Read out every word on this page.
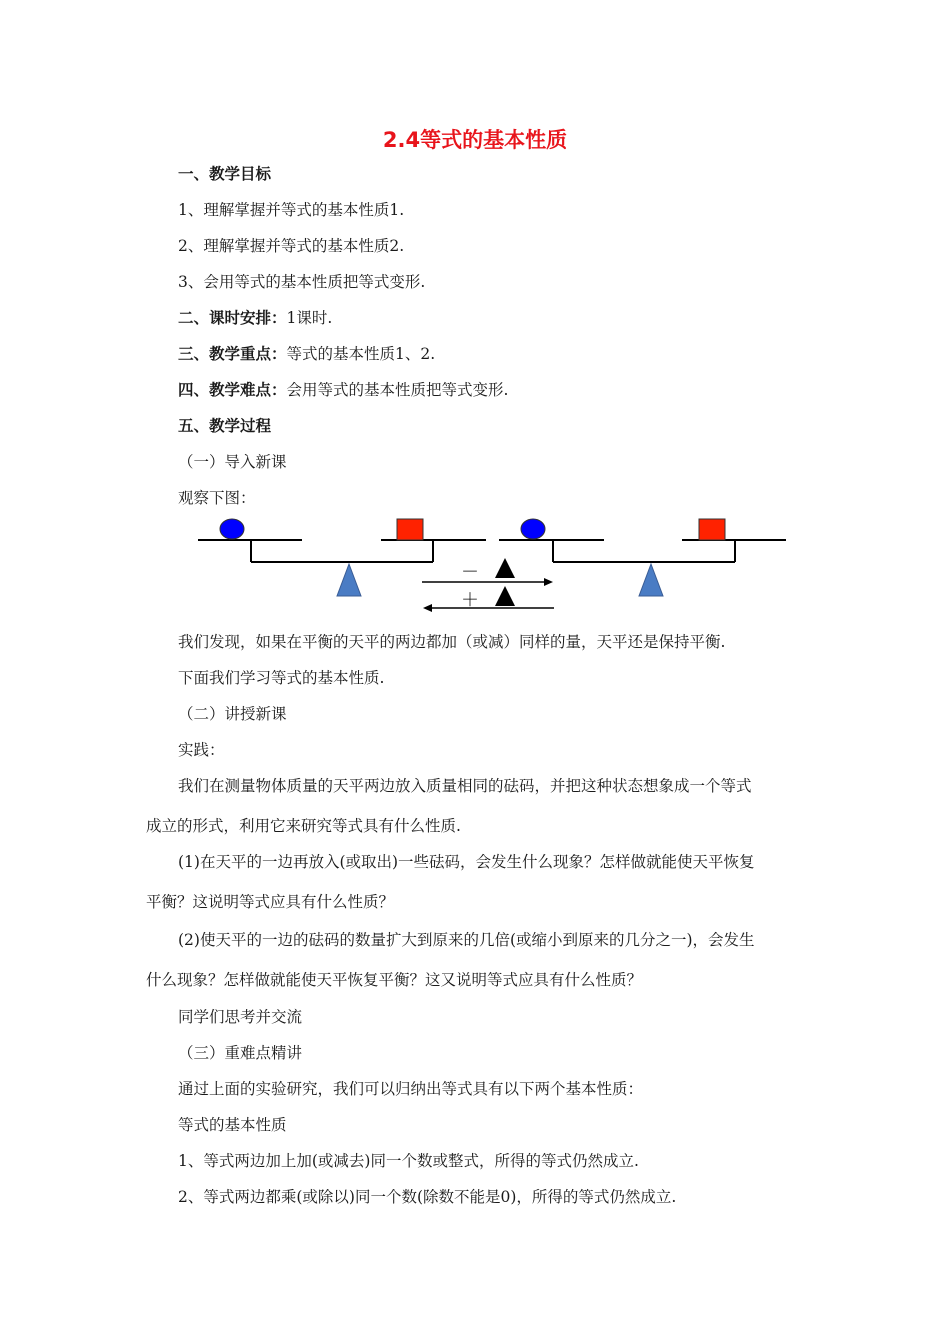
2.4等式的基本性质
一、教学目标
1、理解掌握并等式的基本性质1.
2、理解掌握并等式的基本性质2.
3、会用等式的基本性质把等式变形.
二、课时安排：1课时.
三、教学重点：等式的基本性质1、2.
四、教学难点：会用等式的基本性质把等式变形.
五、教学过程
（一）导入新课
观察下图：
－
＋
我们发现，如果在平衡的天平的两边都加（或减）同样的量，天平还是保持平衡.
下面我们学习等式的基本性质.
（二）讲授新课
实践：
我们在测量物体质量的天平两边放入质量相同的砝码，并把这种状态想象成一个等式
成立的形式，利用它来研究等式具有什么性质.
(1)在天平的一边再放入(或取出)一些砝码，会发生什么现象？怎样做就能使天平恢复
平衡？这说明等式应具有什么性质？
(2)使天平的一边的砝码的数量扩大到原来的几倍(或缩小到原来的几分之一)，会发生
什么现象？怎样做就能使天平恢复平衡？这又说明等式应具有什么性质？
同学们思考并交流
（三）重难点精讲
通过上面的实验研究，我们可以归纳出等式具有以下两个基本性质：
等式的基本性质
1、等式两边加上加(或减去)同一个数或整式，所得的等式仍然成立.
2、等式两边都乘(或除以)同一个数(除数不能是0)，所得的等式仍然成立.
